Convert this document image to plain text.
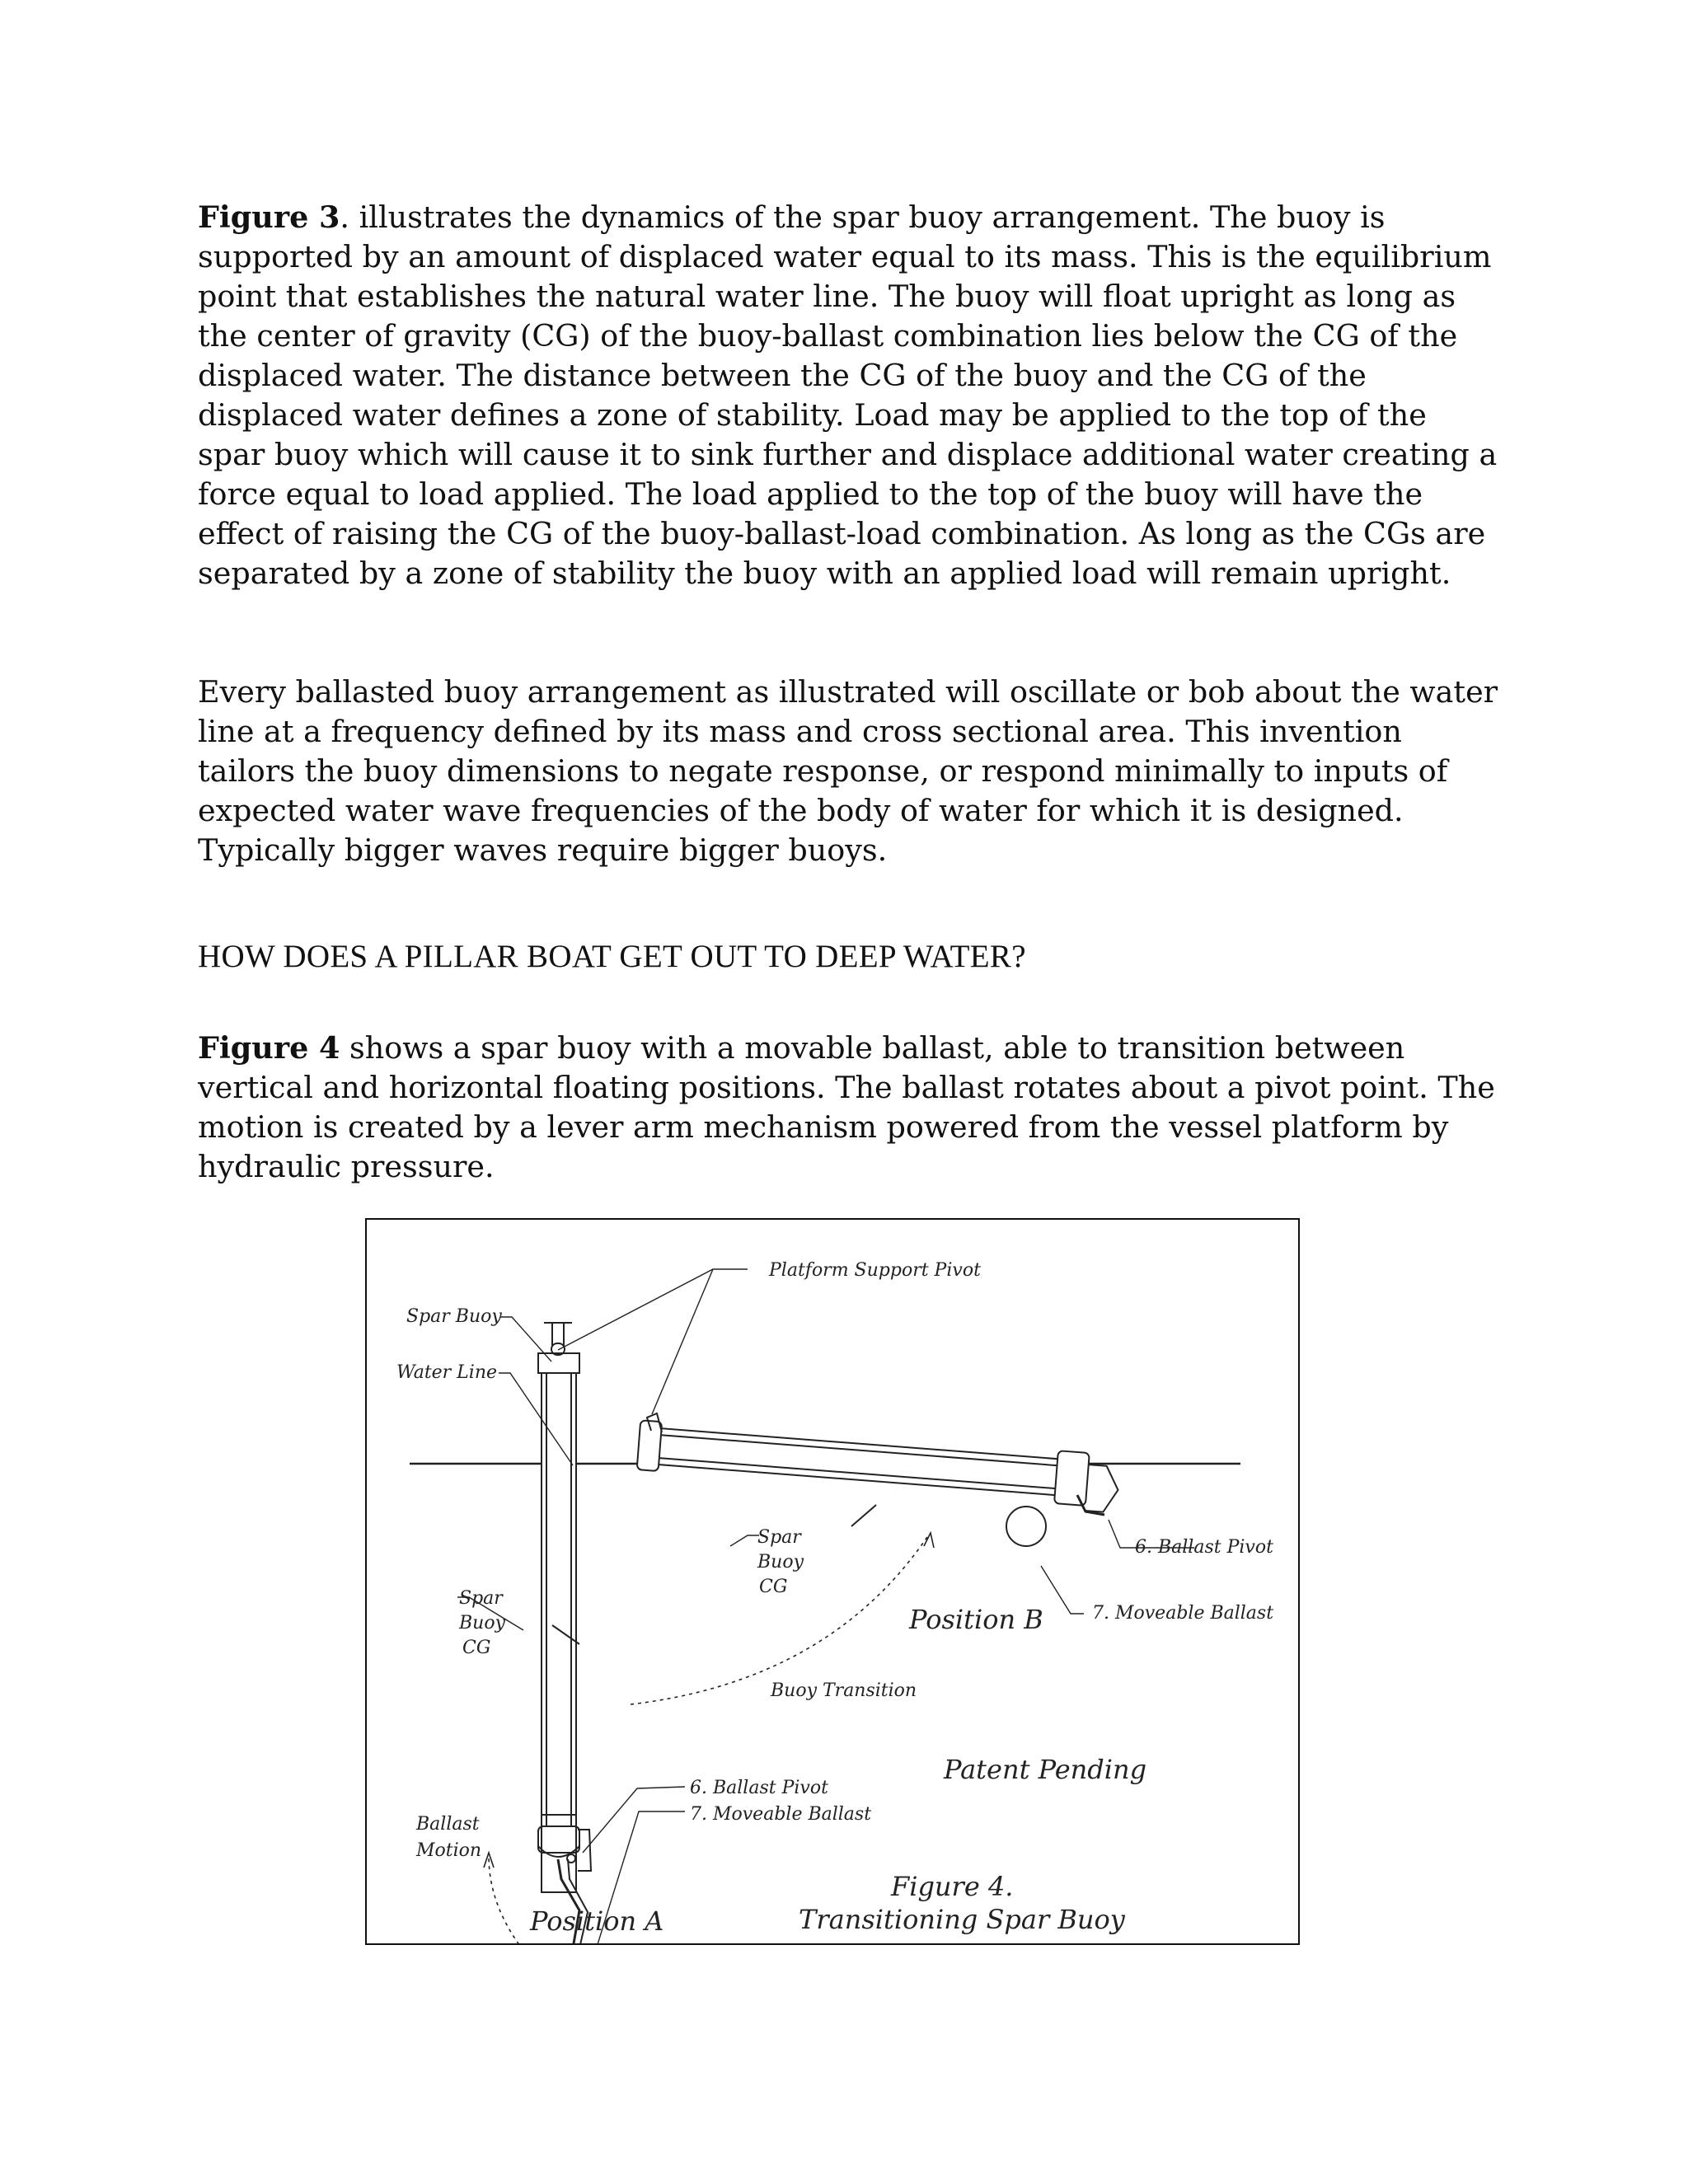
Figure 3. illustrates the dynamics of the spar buoy arrangement. The buoy is supported by an amount of displaced water equal to its mass. This is the equilibrium point that establishes the natural water line. The buoy will float upright as long as the center of gravity (CG) of the buoy-ballast combination lies below the CG of the displaced water. The distance between the CG of the buoy and the CG of the displaced water defines a zone of stability. Load may be applied to the top of the spar buoy which will cause it to sink further and displace additional water creating a force equal to load applied. The load applied to the top of the buoy will have the effect of raising the CG of the buoy-ballast-load combination. As long as the CGs are separated by a zone of stability the buoy with an applied load will remain upright.

Every ballasted buoy arrangement as illustrated will oscillate or bob about the water line at a frequency defined by its mass and cross sectional area. This invention tailors the buoy dimensions to negate response, or respond minimally to inputs of expected water wave frequencies of the body of water for which it is designed. Typically bigger waves require bigger buoys.

HOW DOES A PILLAR BOAT GET OUT TO DEEP WATER?

Figure 4 shows a spar buoy with a movable ballast, able to transition between vertical and horizontal floating positions. The ballast rotates about a pivot point. The motion is created by a lever arm mechanism powered from the vessel platform by hydraulic pressure.

Platform Support Pivot
Spar Buoy
Water Line
Spar
Buoy
CG
Spar
Buoy
CG
Buoy Transition
Position B
6. Ballast Pivot
7. Moveable Ballast
6. Ballast Pivot
7. Moveable Ballast
Ballast
Motion
Patent Pending
Position A
Figure 4.
Transitioning Spar Buoy
